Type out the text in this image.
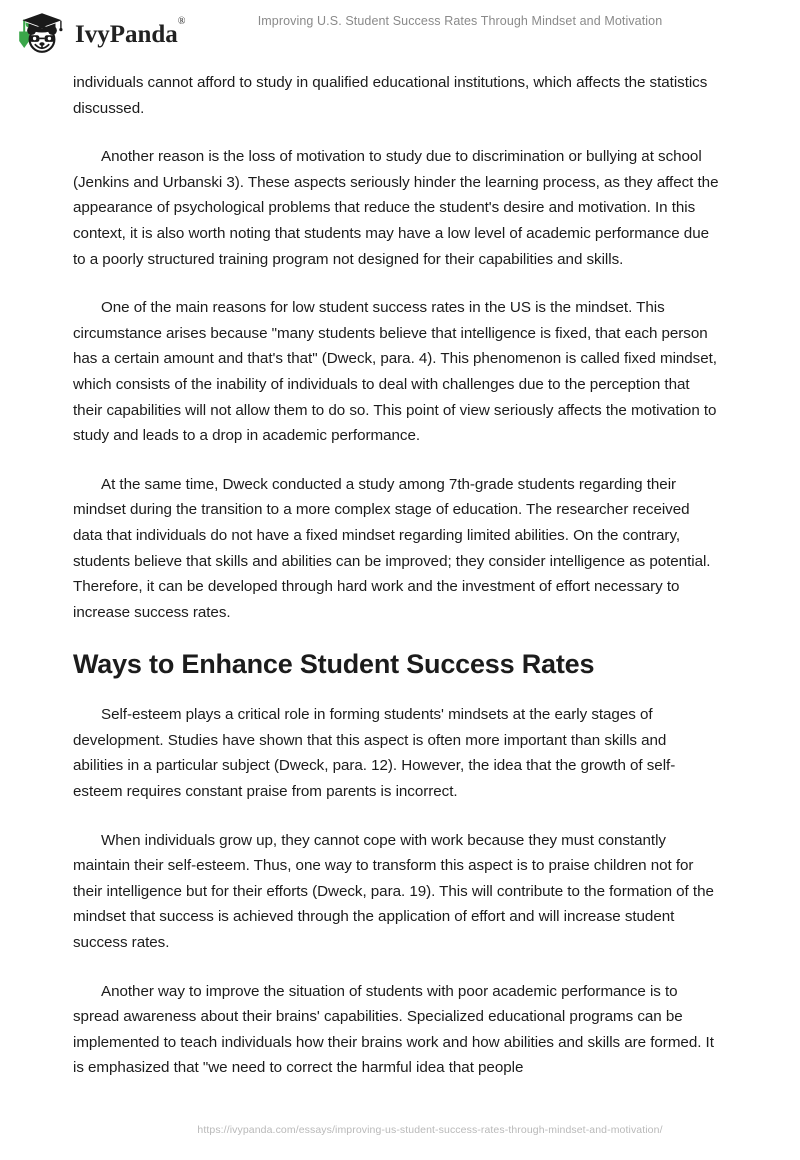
IvyPanda®	Improving U.S. Student Success Rates Through Mindset and Motivation

individuals cannot afford to study in qualified educational institutions, which affects the statistics discussed.

Another reason is the loss of motivation to study due to discrimination or bullying at school (Jenkins and Urbanski 3). These aspects seriously hinder the learning process, as they affect the appearance of psychological problems that reduce the student's desire and motivation. In this context, it is also worth noting that students may have a low level of academic performance due to a poorly structured training program not designed for their capabilities and skills.

One of the main reasons for low student success rates in the US is the mindset. This circumstance arises because "many students believe that intelligence is fixed, that each person has a certain amount and that's that" (Dweck, para. 4). This phenomenon is called fixed mindset, which consists of the inability of individuals to deal with challenges due to the perception that their capabilities will not allow them to do so. This point of view seriously affects the motivation to study and leads to a drop in academic performance.

At the same time, Dweck conducted a study among 7th-grade students regarding their mindset during the transition to a more complex stage of education. The researcher received data that individuals do not have a fixed mindset regarding limited abilities. On the contrary, students believe that skills and abilities can be improved; they consider intelligence as potential. Therefore, it can be developed through hard work and the investment of effort necessary to increase success rates.

Ways to Enhance Student Success Rates

Self-esteem plays a critical role in forming students' mindsets at the early stages of development. Studies have shown that this aspect is often more important than skills and abilities in a particular subject (Dweck, para. 12). However, the idea that the growth of self-esteem requires constant praise from parents is incorrect.

When individuals grow up, they cannot cope with work because they must constantly maintain their self-esteem. Thus, one way to transform this aspect is to praise children not for their intelligence but for their efforts (Dweck, para. 19). This will contribute to the formation of the mindset that success is achieved through the application of effort and will increase student success rates.

Another way to improve the situation of students with poor academic performance is to spread awareness about their brains' capabilities. Specialized educational programs can be implemented to teach individuals how their brains work and how abilities and skills are formed. It is emphasized that "we need to correct the harmful idea that people

https://ivypanda.com/essays/improving-us-student-success-rates-through-mindset-and-motivation/
